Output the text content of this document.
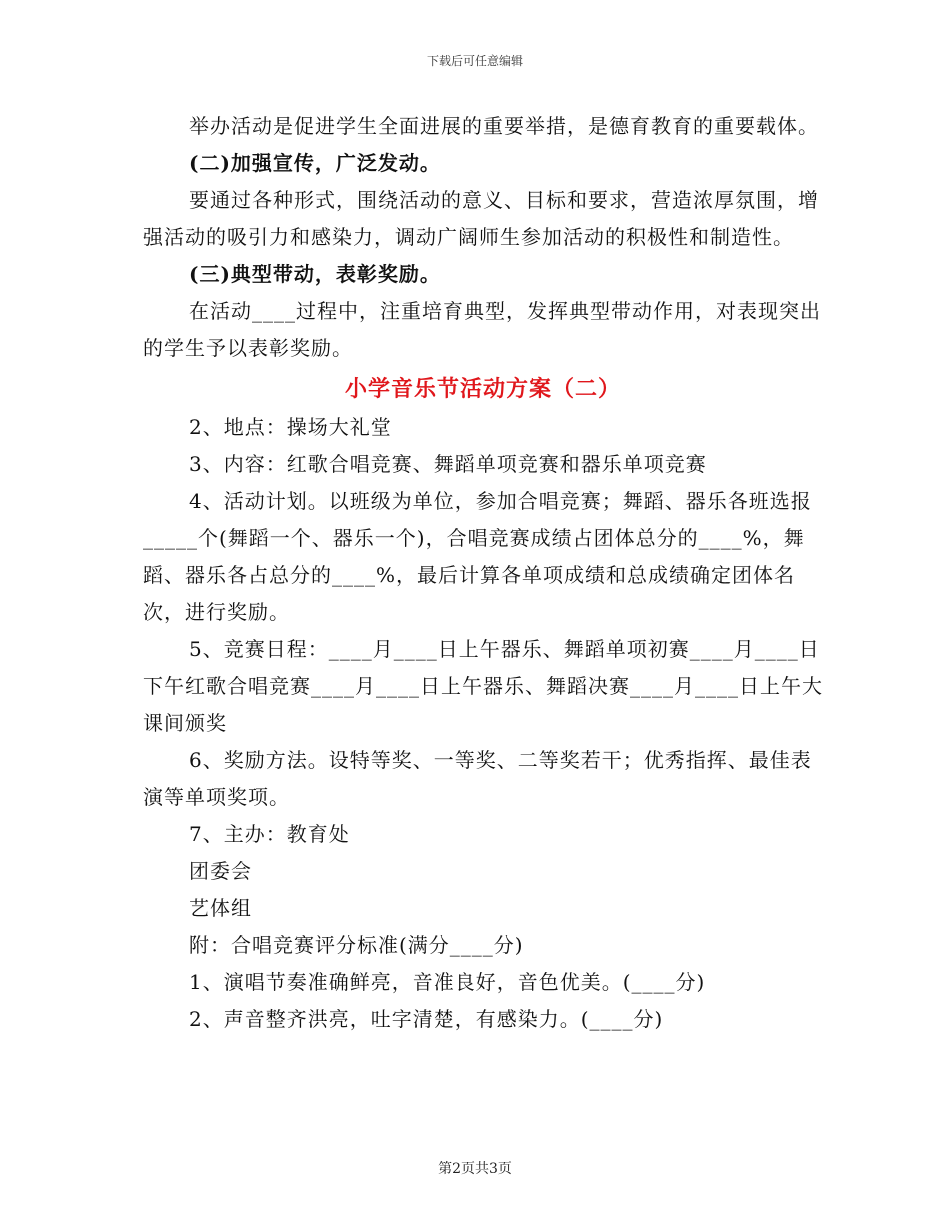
下载后可任意编辑

举办活动是促进学生全面进展的重要举措，是德育教育的重要载体。

(二)加强宣传，广泛发动。

要通过各种形式，围绕活动的意义、目标和要求，营造浓厚氛围，增强活动的吸引力和感染力，调动广阔师生参加活动的积极性和制造性。

(三)典型带动，表彰奖励。

在活动____过程中，注重培育典型，发挥典型带动作用，对表现突出的学生予以表彰奖励。

小学音乐节活动方案（二）

2、地点：操场大礼堂

3、内容：红歌合唱竞赛、舞蹈单项竞赛和器乐单项竞赛

4、活动计划。以班级为单位，参加合唱竞赛；舞蹈、器乐各班选报_____个(舞蹈一个、器乐一个)，合唱竞赛成绩占团体总分的____%，舞蹈、器乐各占总分的____%，最后计算各单项成绩和总成绩确定团体名次，进行奖励。

5、竞赛日程：____月____日上午器乐、舞蹈单项初赛____月____日下午红歌合唱竞赛____月____日上午器乐、舞蹈决赛____月____日上午大课间颁奖

6、奖励方法。设特等奖、一等奖、二等奖若干；优秀指挥、最佳表演等单项奖项。

7、主办：教育处

团委会

艺体组

附：合唱竞赛评分标准(满分____分)

1、演唱节奏准确鲜亮，音准良好，音色优美。(____分)

2、声音整齐洪亮，吐字清楚，有感染力。(____分)

第2页共3页
